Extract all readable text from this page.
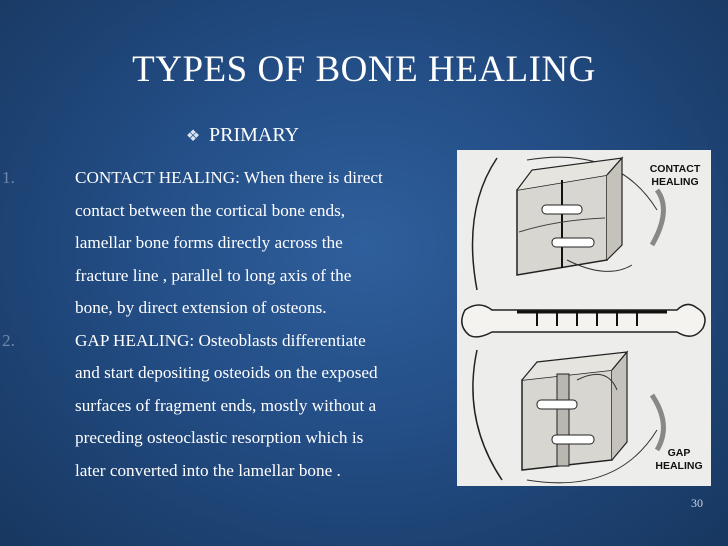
TYPES OF BONE HEALING
❖ PRIMARY
1.	CONTACT HEALING: When there is direct
contact between the cortical bone ends,
lamellar bone forms directly across the
fracture line , parallel to long axis of the
bone, by direct extension of osteons.
2.	GAP HEALING: Osteoblasts differentiate
and start depositing osteoids on the exposed
surfaces of fragment ends, mostly without a
preceding osteoclastic resorption which is
later converted into the lamellar bone .
CONTACT
HEALING
GAP
HEALING
30
